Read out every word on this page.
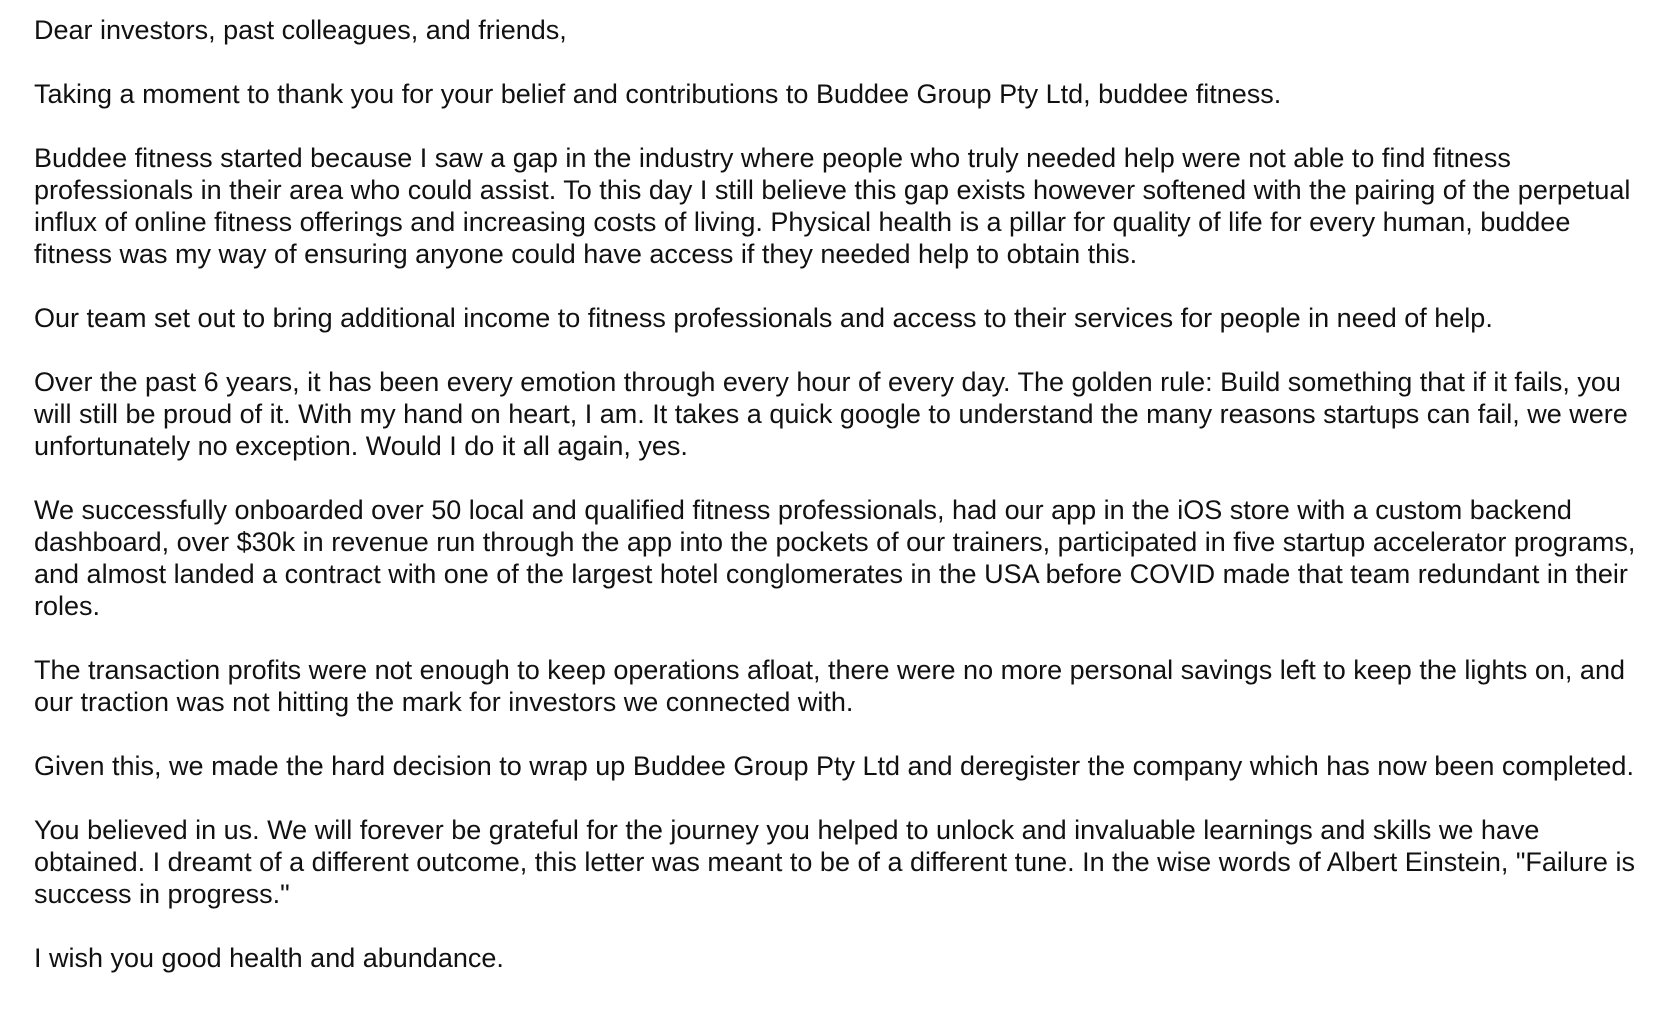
Dear investors, past colleagues, and friends,

Taking a moment to thank you for your belief and contributions to Buddee Group Pty Ltd, buddee fitness.

Buddee fitness started because I saw a gap in the industry where people who truly needed help were not able to find fitness professionals in their area who could assist. To this day I still believe this gap exists however softened with the pairing of the perpetual influx of online fitness offerings and increasing costs of living. Physical health is a pillar for quality of life for every human, buddee fitness was my way of ensuring anyone could have access if they needed help to obtain this.

Our team set out to bring additional income to fitness professionals and access to their services for people in need of help.

Over the past 6 years, it has been every emotion through every hour of every day. The golden rule: Build something that if it fails, you will still be proud of it. With my hand on heart, I am. It takes a quick google to understand the many reasons startups can fail, we were unfortunately no exception. Would I do it all again, yes.

We successfully onboarded over 50 local and qualified fitness professionals, had our app in the iOS store with a custom backend dashboard, over $30k in revenue run through the app into the pockets of our trainers, participated in five startup accelerator programs, and almost landed a contract with one of the largest hotel conglomerates in the USA before COVID made that team redundant in their roles.

The transaction profits were not enough to keep operations afloat, there were no more personal savings left to keep the lights on, and our traction was not hitting the mark for investors we connected with.

Given this, we made the hard decision to wrap up Buddee Group Pty Ltd and deregister the company which has now been completed.

You believed in us. We will forever be grateful for the journey you helped to unlock and invaluable learnings and skills we have obtained. I dreamt of a different outcome, this letter was meant to be of a different tune. In the wise words of Albert Einstein, "Failure is success in progress."

I wish you good health and abundance.
